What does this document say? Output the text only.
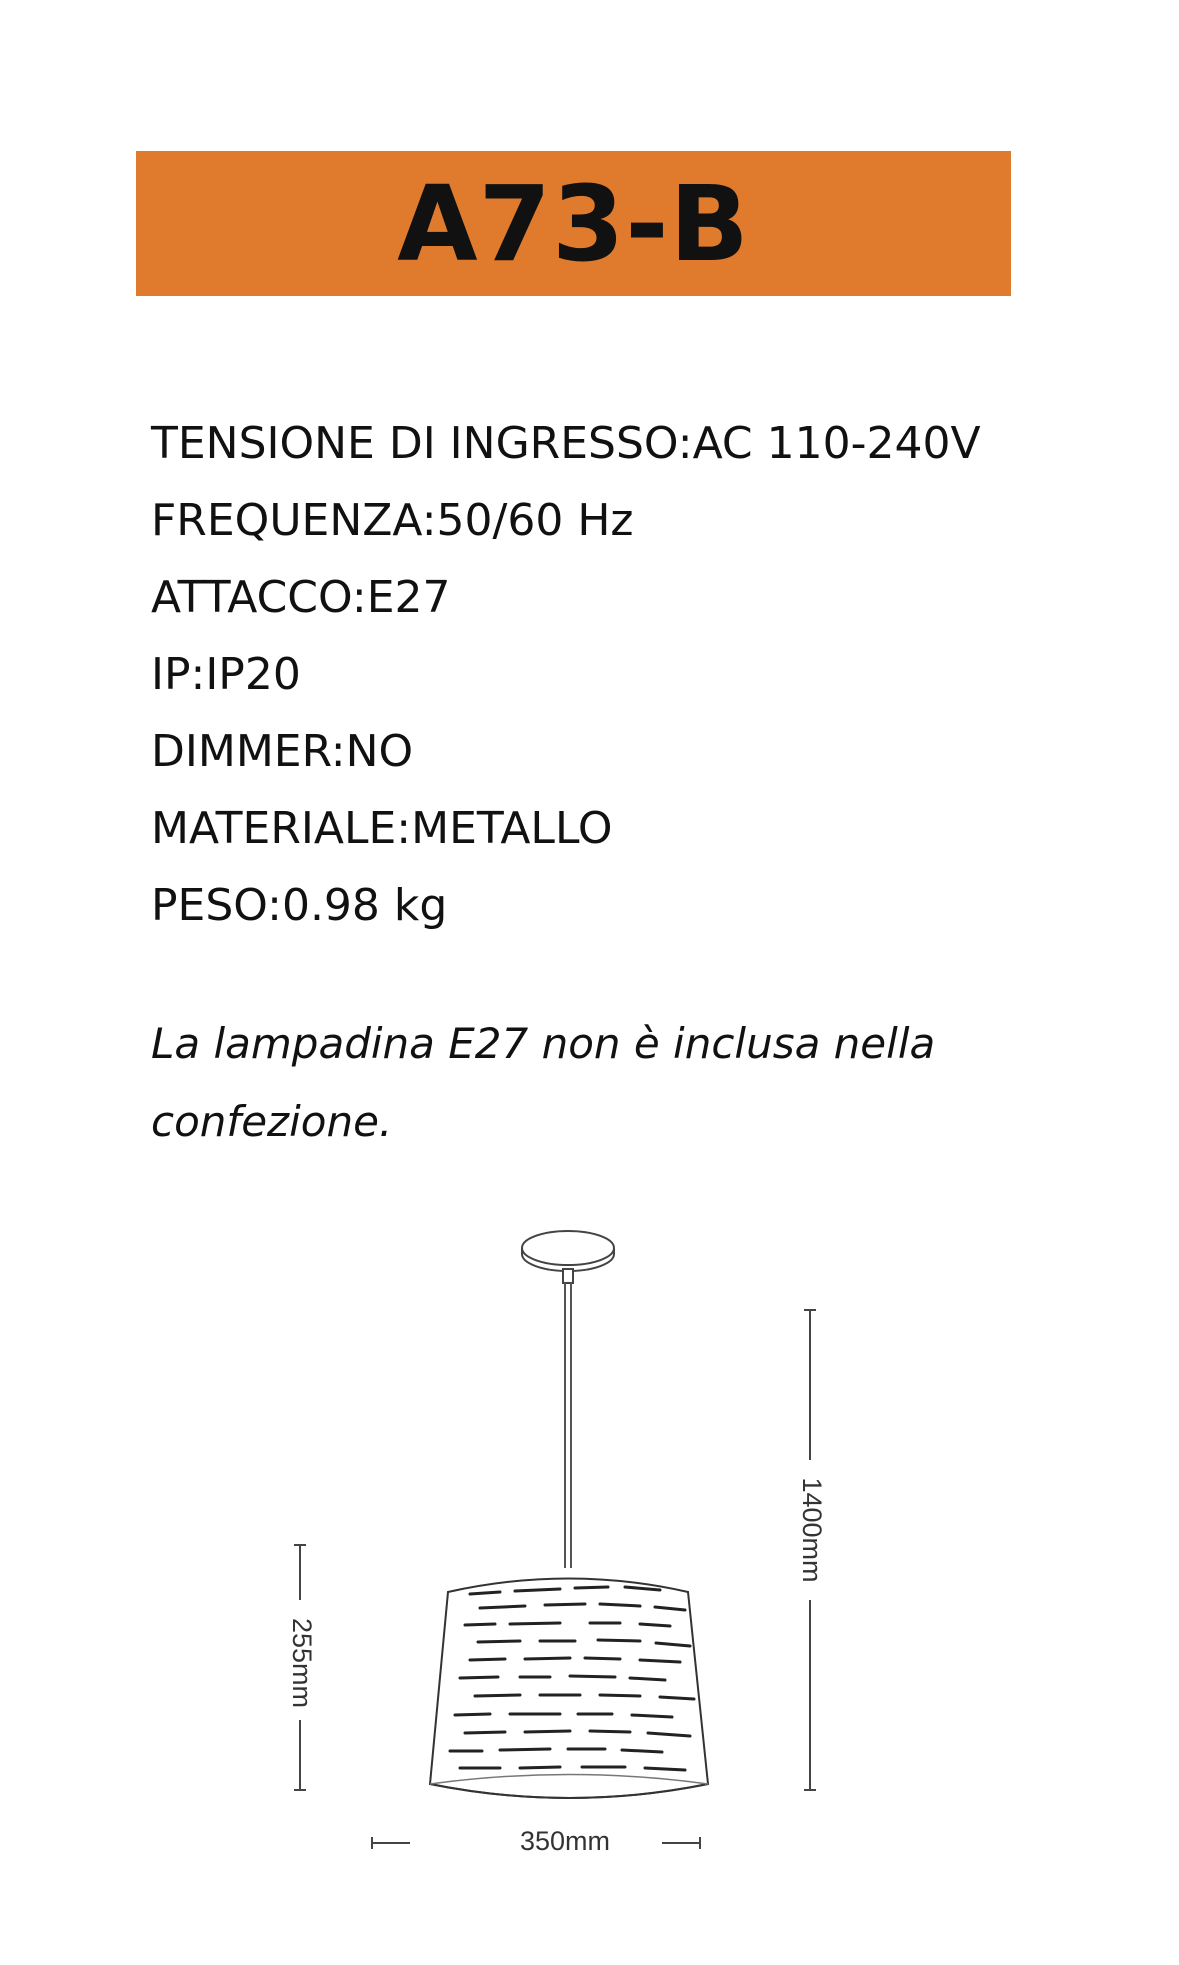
A73-B
TENSIONE DI INGRESSO:AC 110-240V
FREQUENZA:50/60 Hz
ATTACCO:E27
IP:IP20
DIMMER:NO
MATERIALE:METALLO
PESO:0.98 kg
La lampadina E27 non è inclusa nella
confezione.
1400mm
255mm
350mm
